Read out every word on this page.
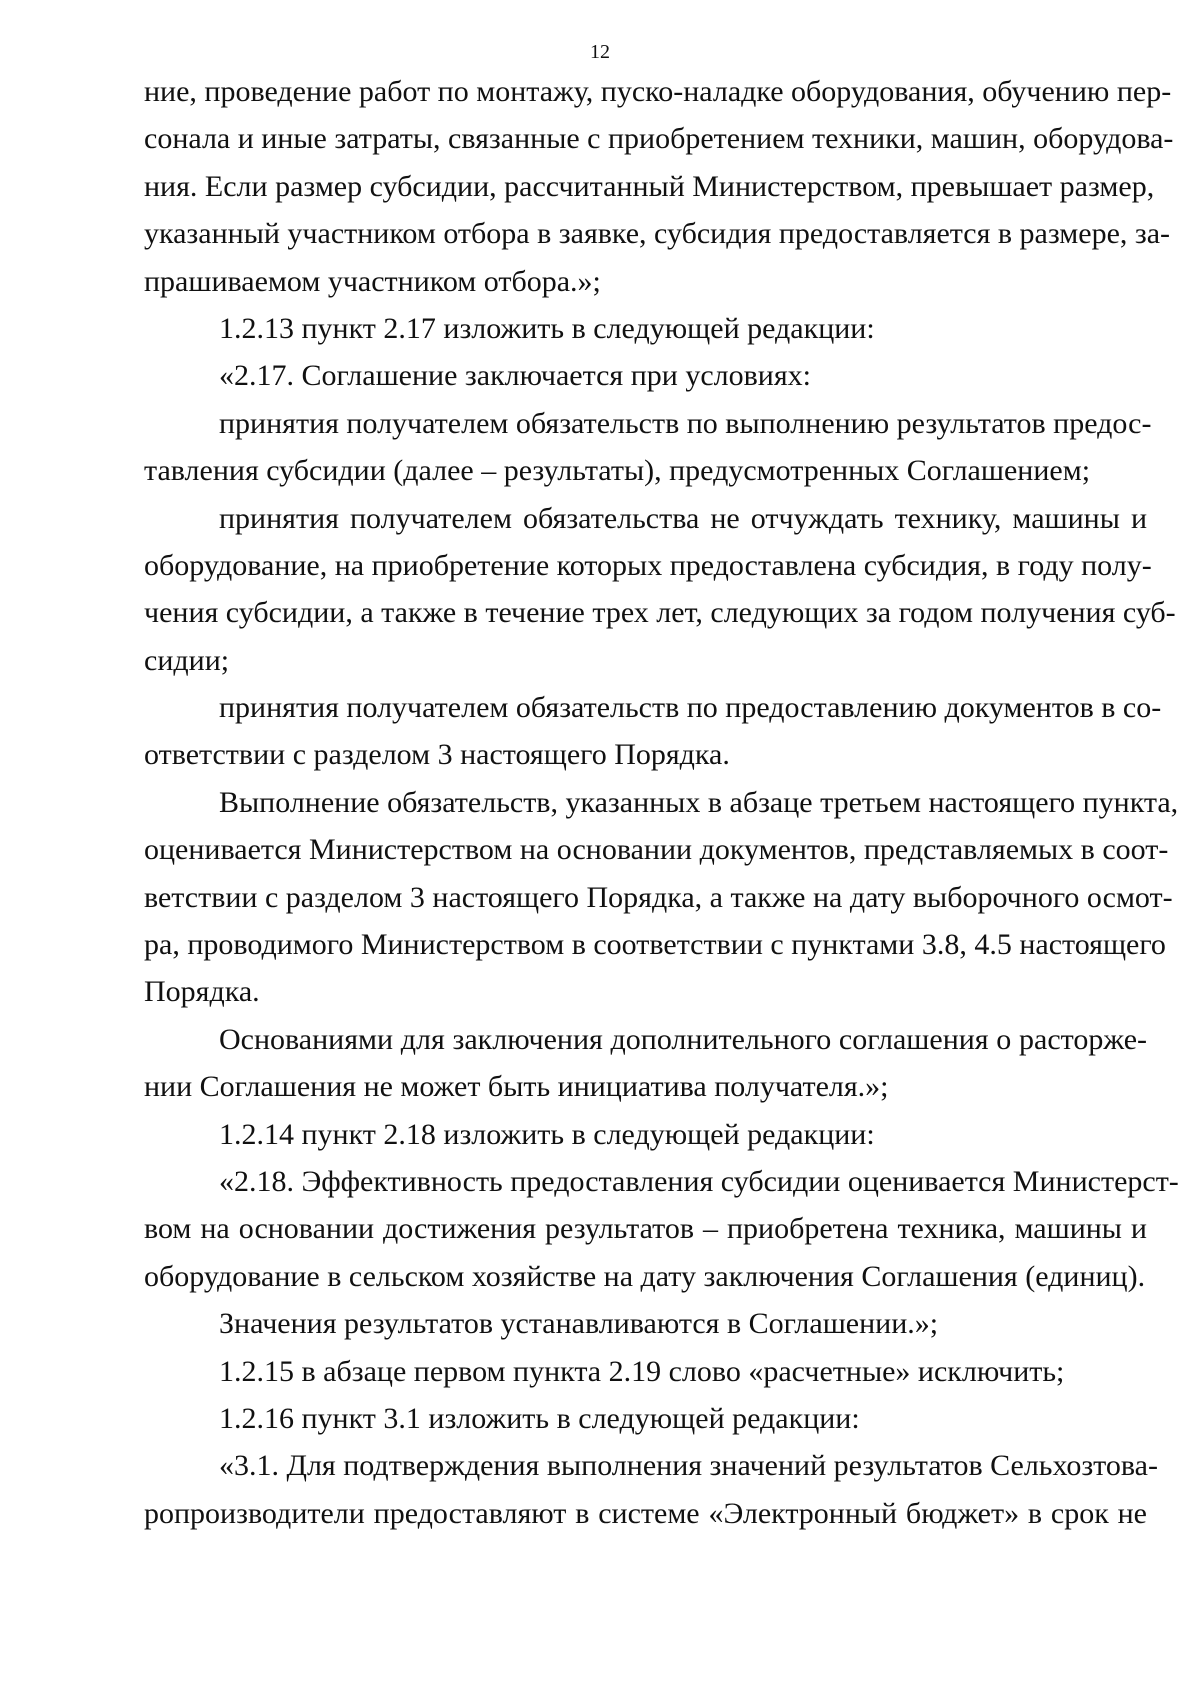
12
ние, проведение работ по монтажу, пуско-наладке оборудования, обучению пер-
сонала и иные затраты, связанные с приобретением техники, машин, оборудова-
ния. Если размер субсидии, рассчитанный Министерством, превышает размер,
указанный участником отбора в заявке, субсидия предоставляется в размере, за-
прашиваемом участником отбора.»;
1.2.13 пункт 2.17 изложить в следующей редакции:
«2.17. Соглашение заключается при условиях:
принятия получателем обязательств по выполнению результатов предос-
тавления субсидии (далее – результаты), предусмотренных Соглашением;
принятия получателем обязательства не отчуждать технику, машины и
оборудование, на приобретение которых предоставлена субсидия, в году полу-
чения субсидии, а также в течение трех лет, следующих за годом получения суб-
сидии;
принятия получателем обязательств по предоставлению документов в со-
ответствии с разделом 3 настоящего Порядка.
Выполнение обязательств, указанных в абзаце третьем настоящего пункта,
оценивается Министерством на основании документов, представляемых в соот-
ветствии с разделом 3 настоящего Порядка, а также на дату выборочного осмот-
ра, проводимого Министерством в соответствии с пунктами 3.8, 4.5 настоящего
Порядка.
Основаниями для заключения дополнительного соглашения о расторже-
нии Соглашения не может быть инициатива получателя.»;
1.2.14 пункт 2.18 изложить в следующей редакции:
«2.18. Эффективность предоставления субсидии оценивается Министерст-
вом на основании достижения результатов – приобретена техника, машины и
оборудование в сельском хозяйстве на дату заключения Соглашения (единиц).
Значения результатов устанавливаются в Соглашении.»;
1.2.15 в абзаце первом пункта 2.19 слово «расчетные» исключить;
1.2.16 пункт 3.1 изложить в следующей редакции:
«3.1. Для подтверждения выполнения значений результатов Сельхозтова-
ропроизводители предоставляют в системе «Электронный бюджет» в срок не
